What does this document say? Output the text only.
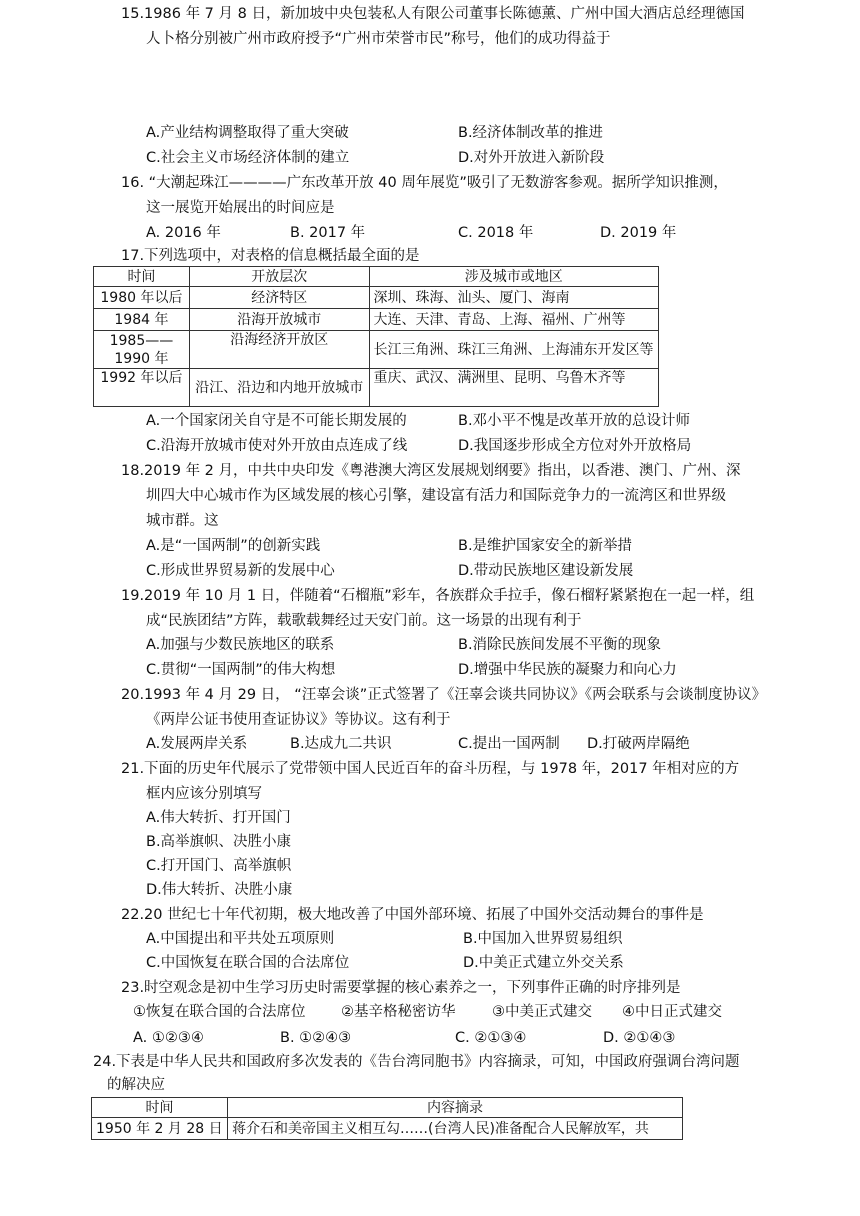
15.1986 年 7 月 8 日，新加坡中央包装私人有限公司董事长陈德薰、广州中国大酒店总经理德国
人卜格分别被广州市政府授予“广州市荣誉市民”称号，他们的成功得益于
A.产业结构调整取得了重大突破	B.经济体制改革的推进
C.社会主义市场经济体制的建立	D.对外开放进入新阶段
16. “大潮起珠江————广东改革开放 40 周年展览”吸引了无数游客参观。据所学知识推测，
这一展览开始展出的时间应是
A. 2016 年	B. 2017 年	C. 2018 年	D. 2019 年
17.下列选项中，对表格的信息概括最全面的是
时间	开放层次	涉及城市或地区
1980 年以后	经济特区	深圳、珠海、汕头、厦门、海南
1984 年	沿海开放城市	大连、天津、青岛、上海、福州、广州等
1985——1990 年	沿海经济开放区	长江三角洲、珠江三角洲、上海浦东开发区等
1992 年以后	沿江、沿边和内地开放城市	重庆、武汉、满洲里、昆明、乌鲁木齐等
A.一个国家闭关自守是不可能长期发展的	B.邓小平不愧是改革开放的总设计师
C.沿海开放城市使对外开放由点连成了线	D.我国逐步形成全方位对外开放格局
18.2019 年 2 月，中共中央印发《粤港澳大湾区发展规划纲要》指出，以香港、澳门、广州、深
圳四大中心城市作为区域发展的核心引擎，建设富有活力和国际竞争力的一流湾区和世界级
城市群。这
A.是“一国两制”的创新实践	B.是维护国家安全的新举措
C.形成世界贸易新的发展中心	D.带动民族地区建设新发展
19.2019 年 10 月 1 日，伴随着“石榴瓶”彩车，各族群众手拉手，像石榴籽紧紧抱在一起一样，组
成“民族团结”方阵，载歌载舞经过天安门前。这一场景的出现有利于
A.加强与少数民族地区的联系	B.消除民族间发展不平衡的现象
C.贯彻“一国两制”的伟大构想	D.增强中华民族的凝聚力和向心力
20.1993 年 4 月 29 日， “汪辜会谈”正式签署了《汪辜会谈共同协议》《两会联系与会谈制度协议》
《两岸公证书使用查证协议》等协议。这有利于
A.发展两岸关系	B.达成九二共识	C.提出一国两制 D.打破两岸隔绝
21.下面的历史年代展示了党带领中国人民近百年的奋斗历程，与 1978 年，2017 年相对应的方
框内应该分别填写
A.伟大转折、打开国门
B.高举旗帜、决胜小康
C.打开国门、高举旗帜
D.伟大转折、决胜小康
22.20 世纪七十年代初期，极大地改善了中国外部环境、拓展了中国外交活动舞台的事件是
A.中国提出和平共处五项原则	B.中国加入世界贸易组织
C.中国恢复在联合国的合法席位	D.中美正式建立外交关系
23.时空观念是初中生学习历史时需要掌握的核心素养之一，下列事件正确的时序排列是
①恢复在联合国的合法席位 ②基辛格秘密访华	③中美正式建交 ④中日正式建交
A. ①②③④	B. ①②④③	C. ②①③④	D. ②①④③
24.下表是中华人民共和国政府多次发表的《告台湾同胞书》内容摘录，可知，中国政府强调台湾问题
的解决应
时间	内容摘录
1950 年 2 月 28 日	蒋介石和美帝国主义相互勾……(台湾人民)准备配合人民解放军，共
